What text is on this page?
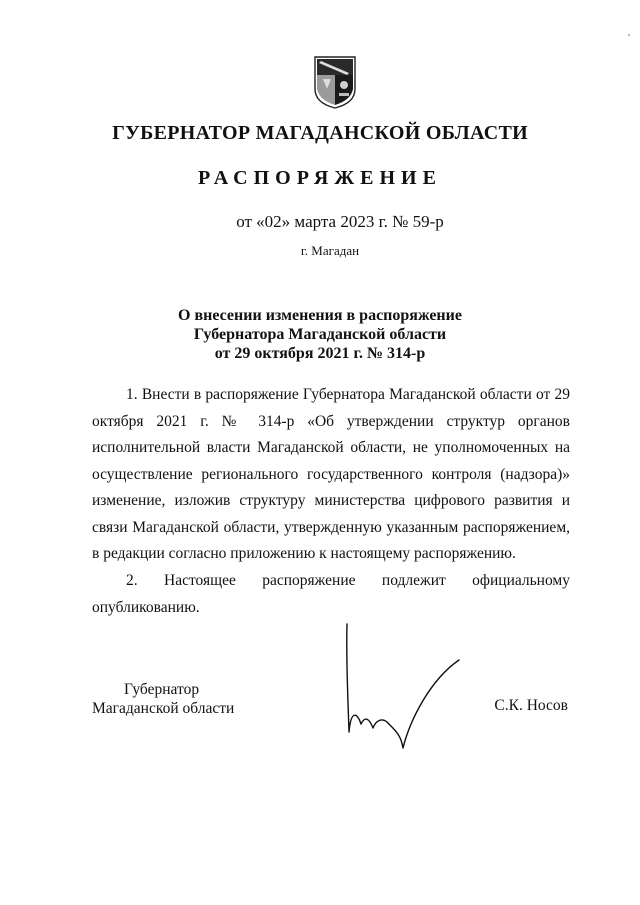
ГУБЕРНАТОР МАГАДАНСКОЙ ОБЛАСТИ
РАСПОРЯЖЕНИЕ
от «02» марта 2023 г. № 59-р
г. Магадан
О внесении изменения в распоряжение
Губернатора Магаданской области
от 29 октября 2021 г. № 314-р

1. Внести в распоряжение Губернатора Магаданской области от 29 октября 2021 г. № 314-р «Об утверждении структур органов исполнительной власти Магаданской области, не уполномоченных на осуществление регионального государственного контроля (надзора)» изменение, изложив структуру министерства цифрового развития и связи Магаданской области, утвержденную указанным распоряжением, в редакции согласно приложению к настоящему распоряжению.

2. Настоящее распоряжение подлежит официальному опубликованию.

Губернатор
Магаданской области	С.К. Носов
